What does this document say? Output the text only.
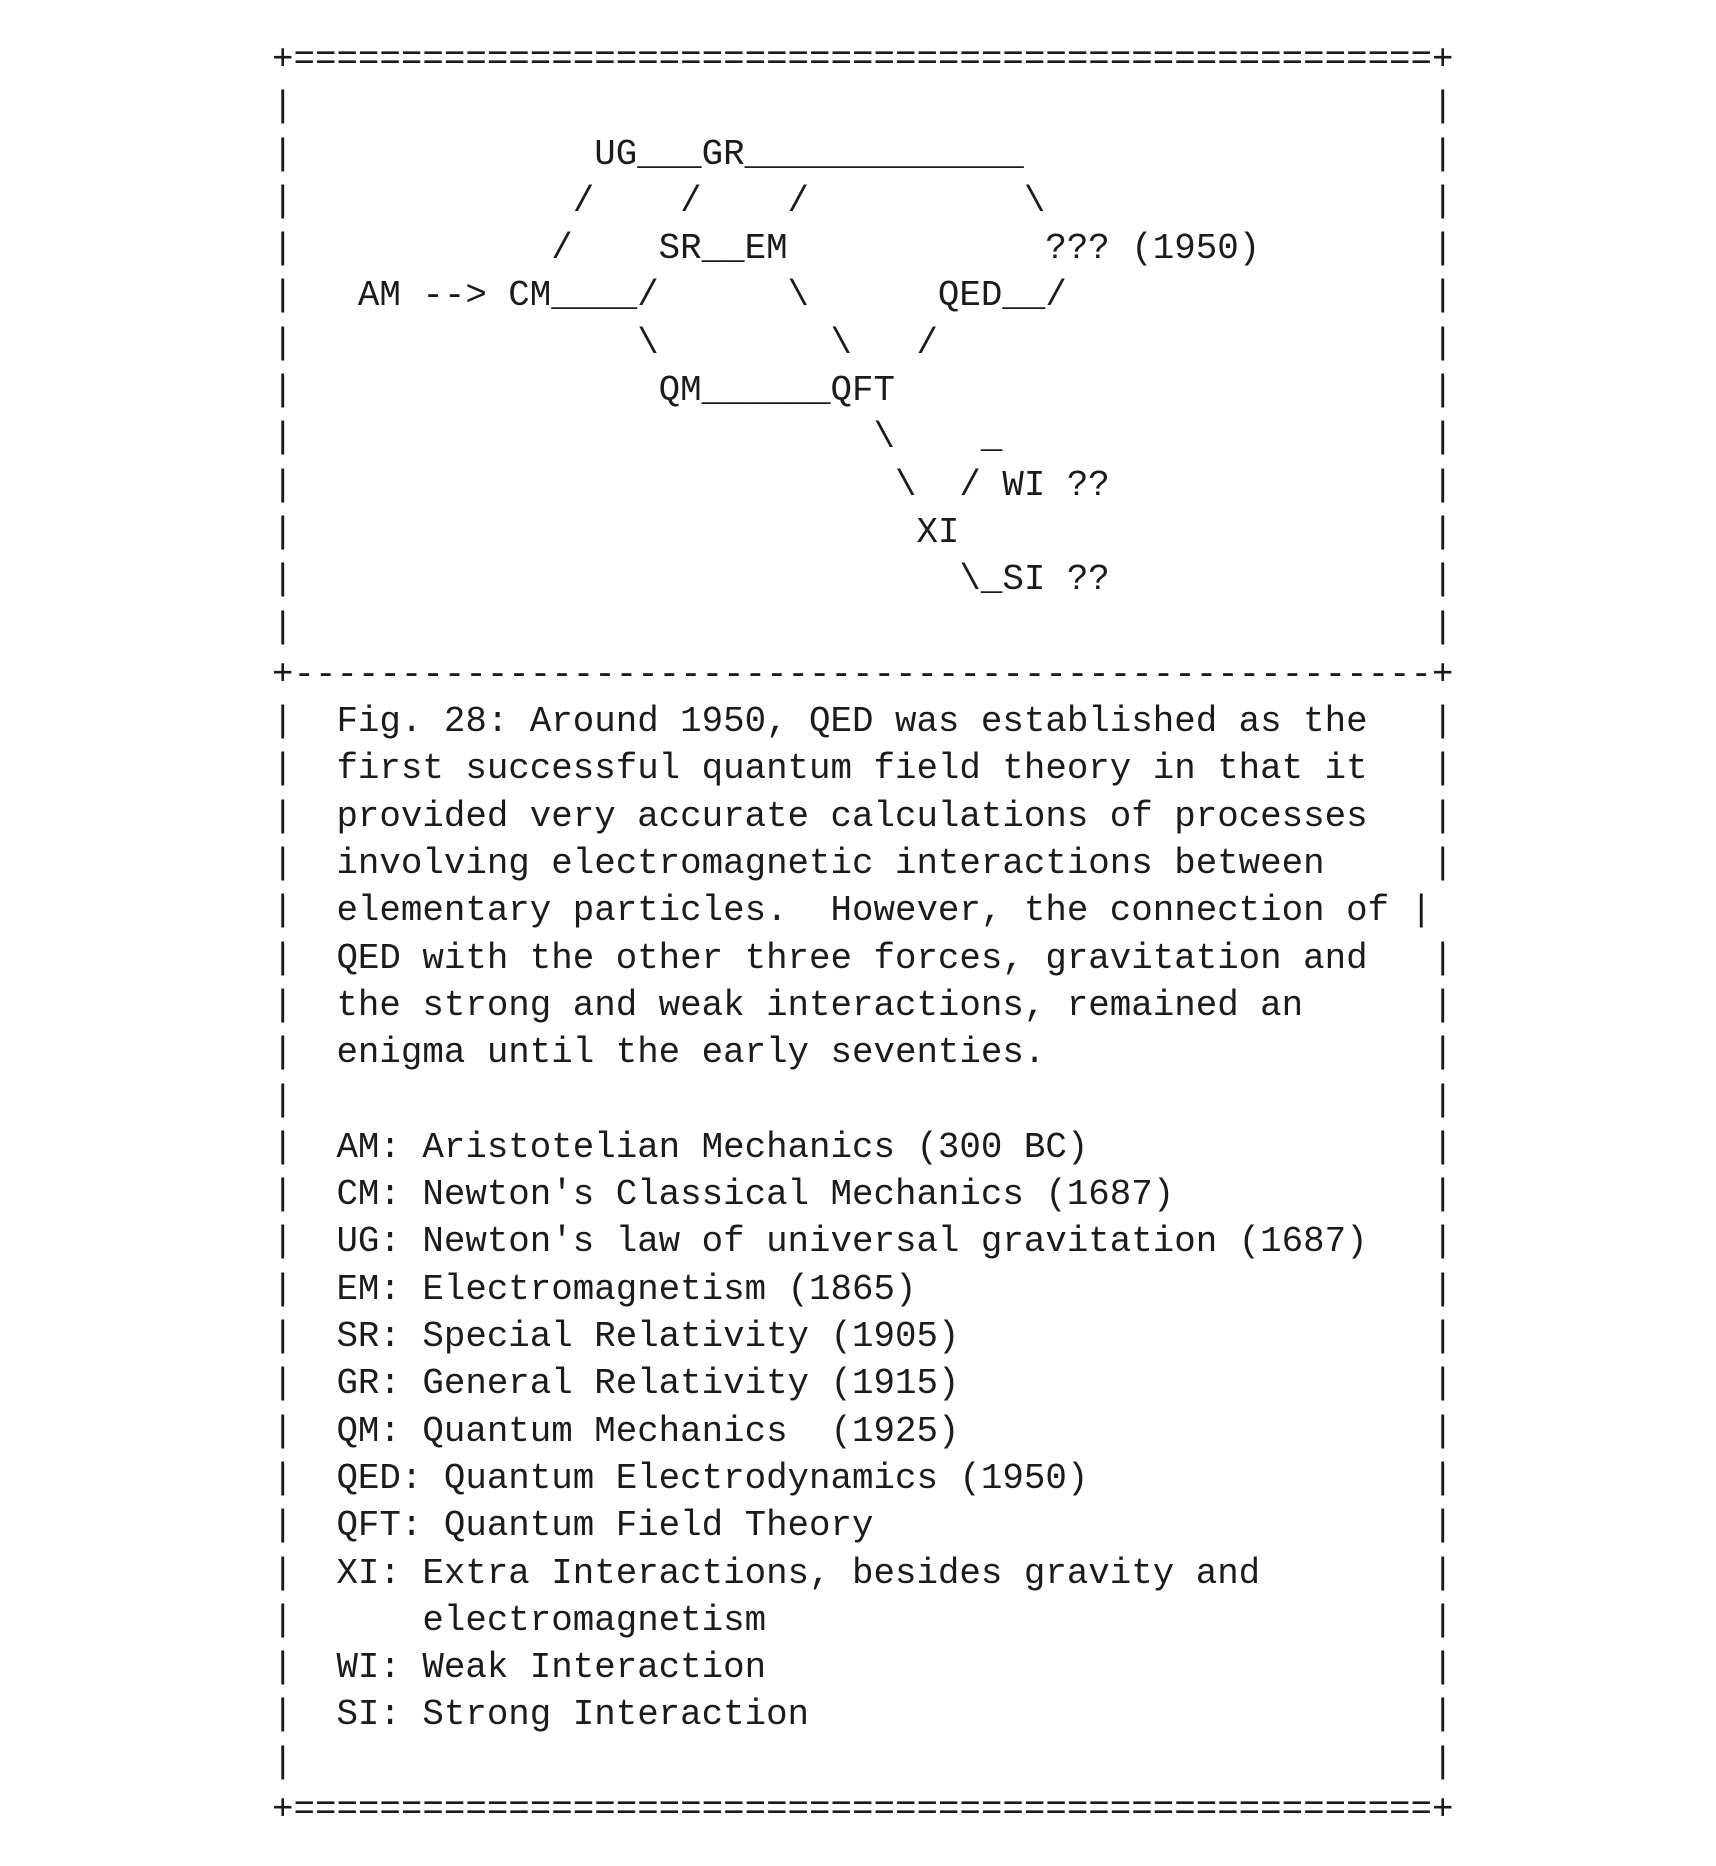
+=====================================================+
|                                                     |
|              UG___GR_____________                   |
|             /    /    /          \                  |
|            /    SR__EM            ??? (1950)        |
|   AM --> CM____/      \      QED__/                 |
|                \        \   /                       |
|                 QM______QFT                         |
|                           \    _                    |
|                            \  / WI ??               |
|                             XI                      |
|                               \_SI ??               |
|                                                     |
+-----------------------------------------------------+
|  Fig. 28: Around 1950, QED was established as the   |
|  first successful quantum field theory in that it   |
|  provided very accurate calculations of processes   |
|  involving electromagnetic interactions between     |
|  elementary particles.  However, the connection of |
|  QED with the other three forces, gravitation and   |
|  the strong and weak interactions, remained an      |
|  enigma until the early seventies.                  |
|                                                     |
|  AM: Aristotelian Mechanics (300 BC)                |
|  CM: Newton's Classical Mechanics (1687)            |
|  UG: Newton's law of universal gravitation (1687)   |
|  EM: Electromagnetism (1865)                        |
|  SR: Special Relativity (1905)                      |
|  GR: General Relativity (1915)                      |
|  QM: Quantum Mechanics  (1925)                      |
|  QED: Quantum Electrodynamics (1950)                |
|  QFT: Quantum Field Theory                          |
|  XI: Extra Interactions, besides gravity and        |
|      electromagnetism                               |
|  WI: Weak Interaction                               |
|  SI: Strong Interaction                             |
|                                                     |
+=====================================================+
